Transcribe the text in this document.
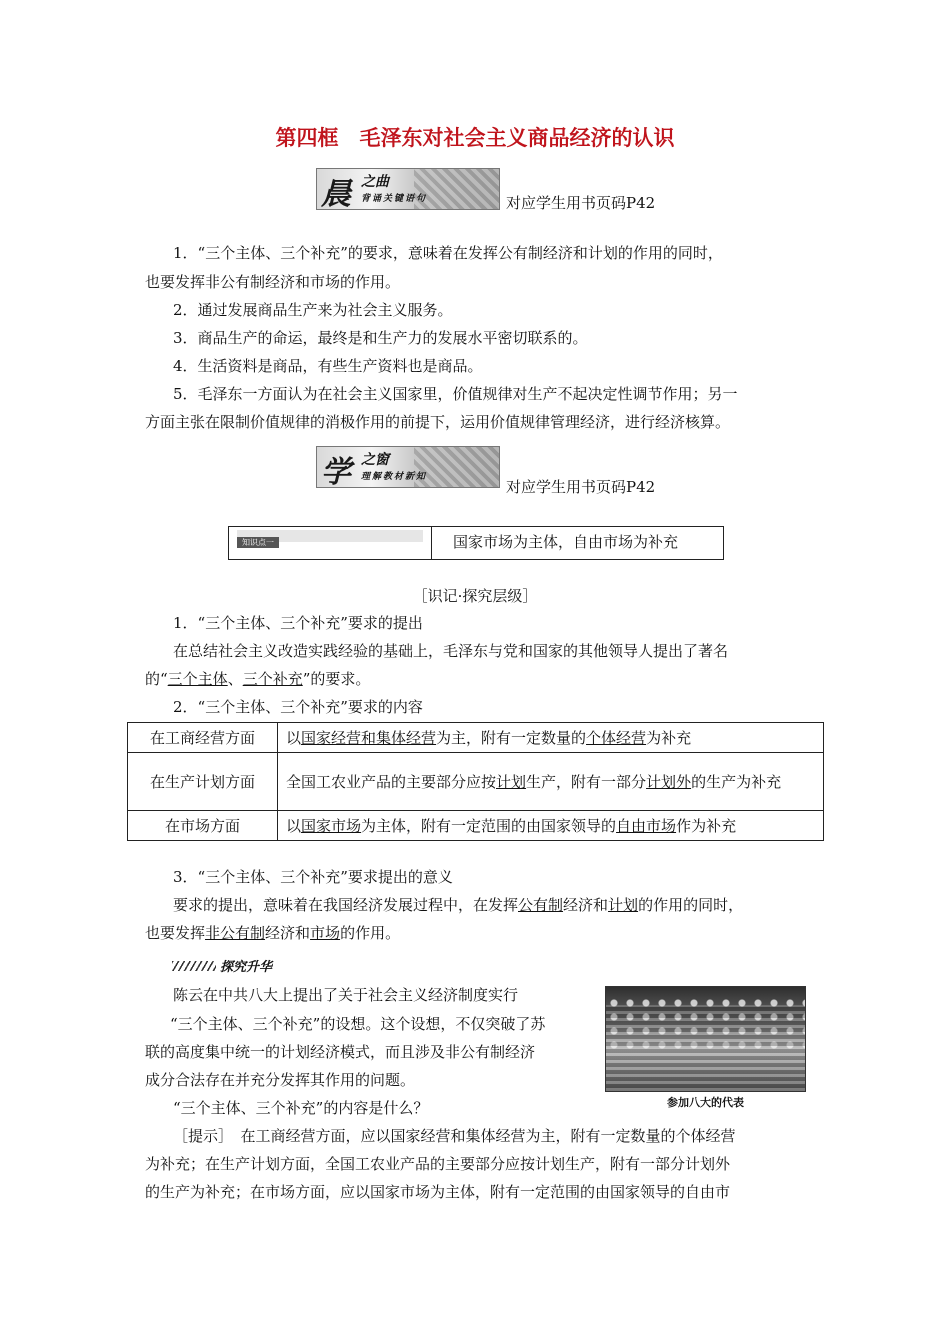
第四框　毛泽东对社会主义商品经济的认识
晨 之曲
背诵关键语句	对应学生用书页码P42
1．“三个主体、三个补充”的要求，意味着在发挥公有制经济和计划的作用的同时，
也要发挥非公有制经济和市场的作用。
2．通过发展商品生产来为社会主义服务。
3．商品生产的命运，最终是和生产力的发展水平密切联系的。
4．生活资料是商品，有些生产资料也是商品。
5．毛泽东一方面认为在社会主义国家里，价值规律对生产不起决定性调节作用；另一
方面主张在限制价值规律的消极作用的前提下，运用价值规律管理经济，进行经济核算。
学 之窗
理解教材新知
对应学生用书页码P42
知识点一	国家市场为主体，自由市场为补充
［识记·探究层级］
1．“三个主体、三个补充”要求的提出
在总结社会主义改造实践经验的基础上，毛泽东与党和国家的其他领导人提出了著名
的“三个主体、三个补充”的要求。
2．“三个主体、三个补充”要求的内容
在工商经营方面	以国家经营和集体经营为主，附有一定数量的个体经营为补充
在生产计划方面	全国工农业产品的主要部分应按计划生产，附有一部分计划外的生产为补充
在市场方面	以国家市场为主体，附有一定范围的由国家领导的自由市场作为补充
3．“三个主体、三个补充”要求提出的意义
要求的提出，意味着在我国经济发展过程中，在发挥公有制经济和计划的作用的同时，
也要发挥非公有制经济和市场的作用。
探究升华
陈云在中共八大上提出了关于社会主义经济制度实行
“三个主体、三个补充”的设想。这个设想，不仅突破了苏
联的高度集中统一的计划经济模式，而且涉及非公有制经济
成分合法存在并充分发挥其作用的问题。
“三个主体、三个补充”的内容是什么？	参加八大的代表
［提示］　在工商经营方面，应以国家经营和集体经营为主，附有一定数量的个体经营
为补充；在生产计划方面，全国工农业产品的主要部分应按计划生产，附有一部分计划外
的生产为补充；在市场方面，应以国家市场为主体，附有一定范围的由国家领导的自由市
